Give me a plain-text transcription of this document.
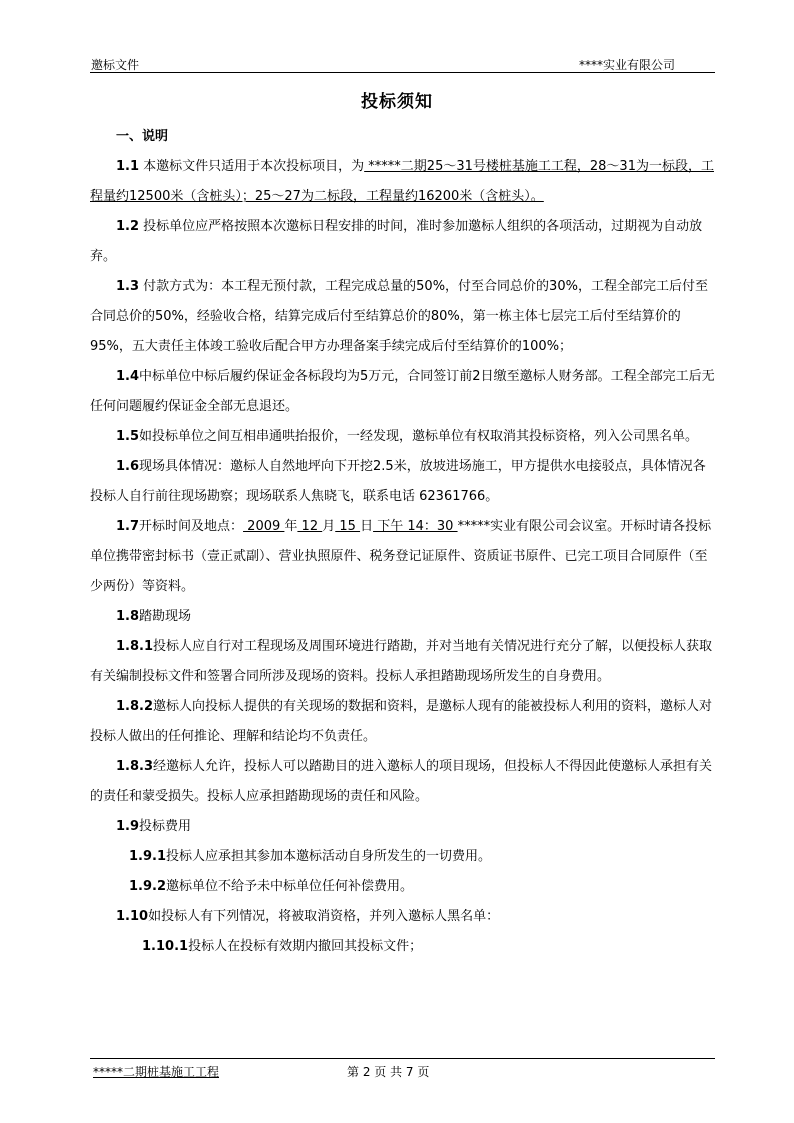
邀标文件	****实业有限公司
投标须知

一、说明

1.1 本邀标文件只适用于本次投标项目，为 *****二期25～31号楼桩基施工工程，28～31为一标段，工程量约12500米（含桩头）；25～27为二标段，工程量约16200米（含桩头）。

1.2 投标单位应严格按照本次邀标日程安排的时间，准时参加邀标人组织的各项活动，过期视为自动放弃。

1.3 付款方式为：本工程无预付款，工程完成总量的50%，付至合同总价的30%，工程全部完工后付至合同总价的50%，经验收合格，结算完成后付至结算总价的80%，第一栋主体七层完工后付至结算价的95%，五大责任主体竣工验收后配合甲方办理备案手续完成后付至结算价的100%；

1.4中标单位中标后履约保证金各标段均为5万元，合同签订前2日缴至邀标人财务部。工程全部完工后无任何问题履约保证金全部无息退还。

1.5如投标单位之间互相串通哄抬报价，一经发现，邀标单位有权取消其投标资格，列入公司黑名单。

1.6现场具体情况：邀标人自然地坪向下开挖2.5米，放坡进场施工，甲方提供水电接驳点，具体情况各投标人自行前往现场勘察；现场联系人焦晓飞，联系电话 62361766。

1.7开标时间及地点： 2009 年 12 月 15 日 下午 14：30 *****实业有限公司会议室。开标时请各投标单位携带密封标书（壹正贰副）、营业执照原件、税务登记证原件、资质证书原件、已完工项目合同原件（至少两份）等资料。

1.8踏勘现场

1.8.1投标人应自行对工程现场及周围环境进行踏勘，并对当地有关情况进行充分了解，以便投标人获取有关编制投标文件和签署合同所涉及现场的资料。投标人承担踏勘现场所发生的自身费用。

1.8.2邀标人向投标人提供的有关现场的数据和资料，是邀标人现有的能被投标人利用的资料，邀标人对投标人做出的任何推论、理解和结论均不负责任。

1.8.3经邀标人允许，投标人可以踏勘目的进入邀标人的项目现场，但投标人不得因此使邀标人承担有关的责任和蒙受损失。投标人应承担踏勘现场的责任和风险。

1.9投标费用

1.9.1投标人应承担其参加本邀标活动自身所发生的一切费用。

1.9.2邀标单位不给予未中标单位任何补偿费用。

1.10如投标人有下列情况，将被取消资格，并列入邀标人黑名单：

1.10.1投标人在投标有效期内撤回其投标文件；

*****二期桩基施工工程	第 2 页 共 7 页
